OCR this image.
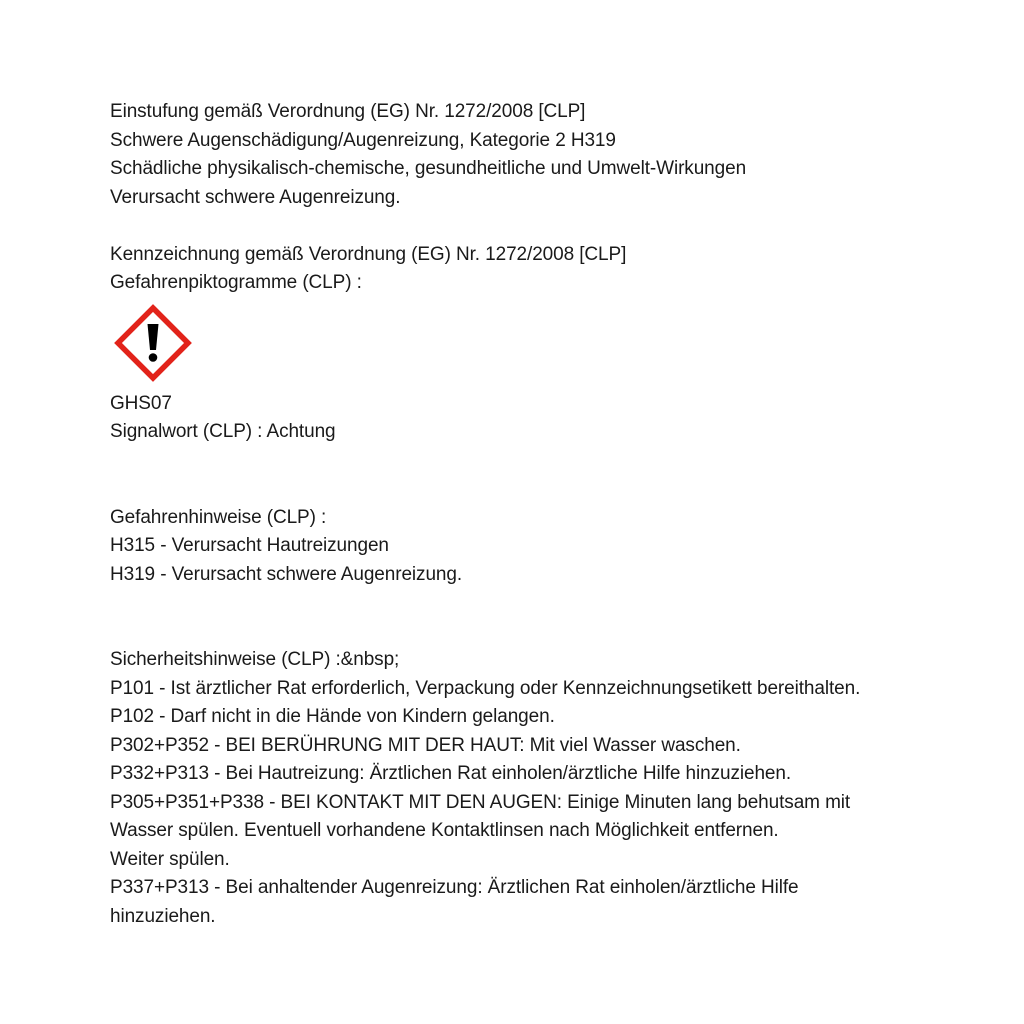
Einstufung gemäß Verordnung (EG) Nr. 1272/2008 [CLP]
Schwere Augenschädigung/Augenreizung, Kategorie 2 H319
Schädliche physikalisch-chemische, gesundheitliche und Umwelt-Wirkungen
Verursacht schwere Augenreizung.
Kennzeichnung gemäß Verordnung (EG) Nr. 1272/2008 [CLP]
Gefahrenpiktogramme (CLP) :
GHS07
Signalwort (CLP) : Achtung
Gefahrenhinweise (CLP) :
H315 - Verursacht Hautreizungen
H319 - Verursacht schwere Augenreizung.
Sicherheitshinweise (CLP) :&nbsp;
P101 - Ist ärztlicher Rat erforderlich, Verpackung oder Kennzeichnungsetikett bereithalten.
P102 - Darf nicht in die Hände von Kindern gelangen.
P302+P352 - BEI BERÜHRUNG MIT DER HAUT: Mit viel Wasser waschen.
P332+P313 - Bei Hautreizung: Ärztlichen Rat einholen/ärztliche Hilfe hinzuziehen.
P305+P351+P338 - BEI KONTAKT MIT DEN AUGEN: Einige Minuten lang behutsam mit
Wasser spülen. Eventuell vorhandene Kontaktlinsen nach Möglichkeit entfernen.
Weiter spülen.
P337+P313 - Bei anhaltender Augenreizung: Ärztlichen Rat einholen/ärztliche Hilfe
hinzuziehen.
